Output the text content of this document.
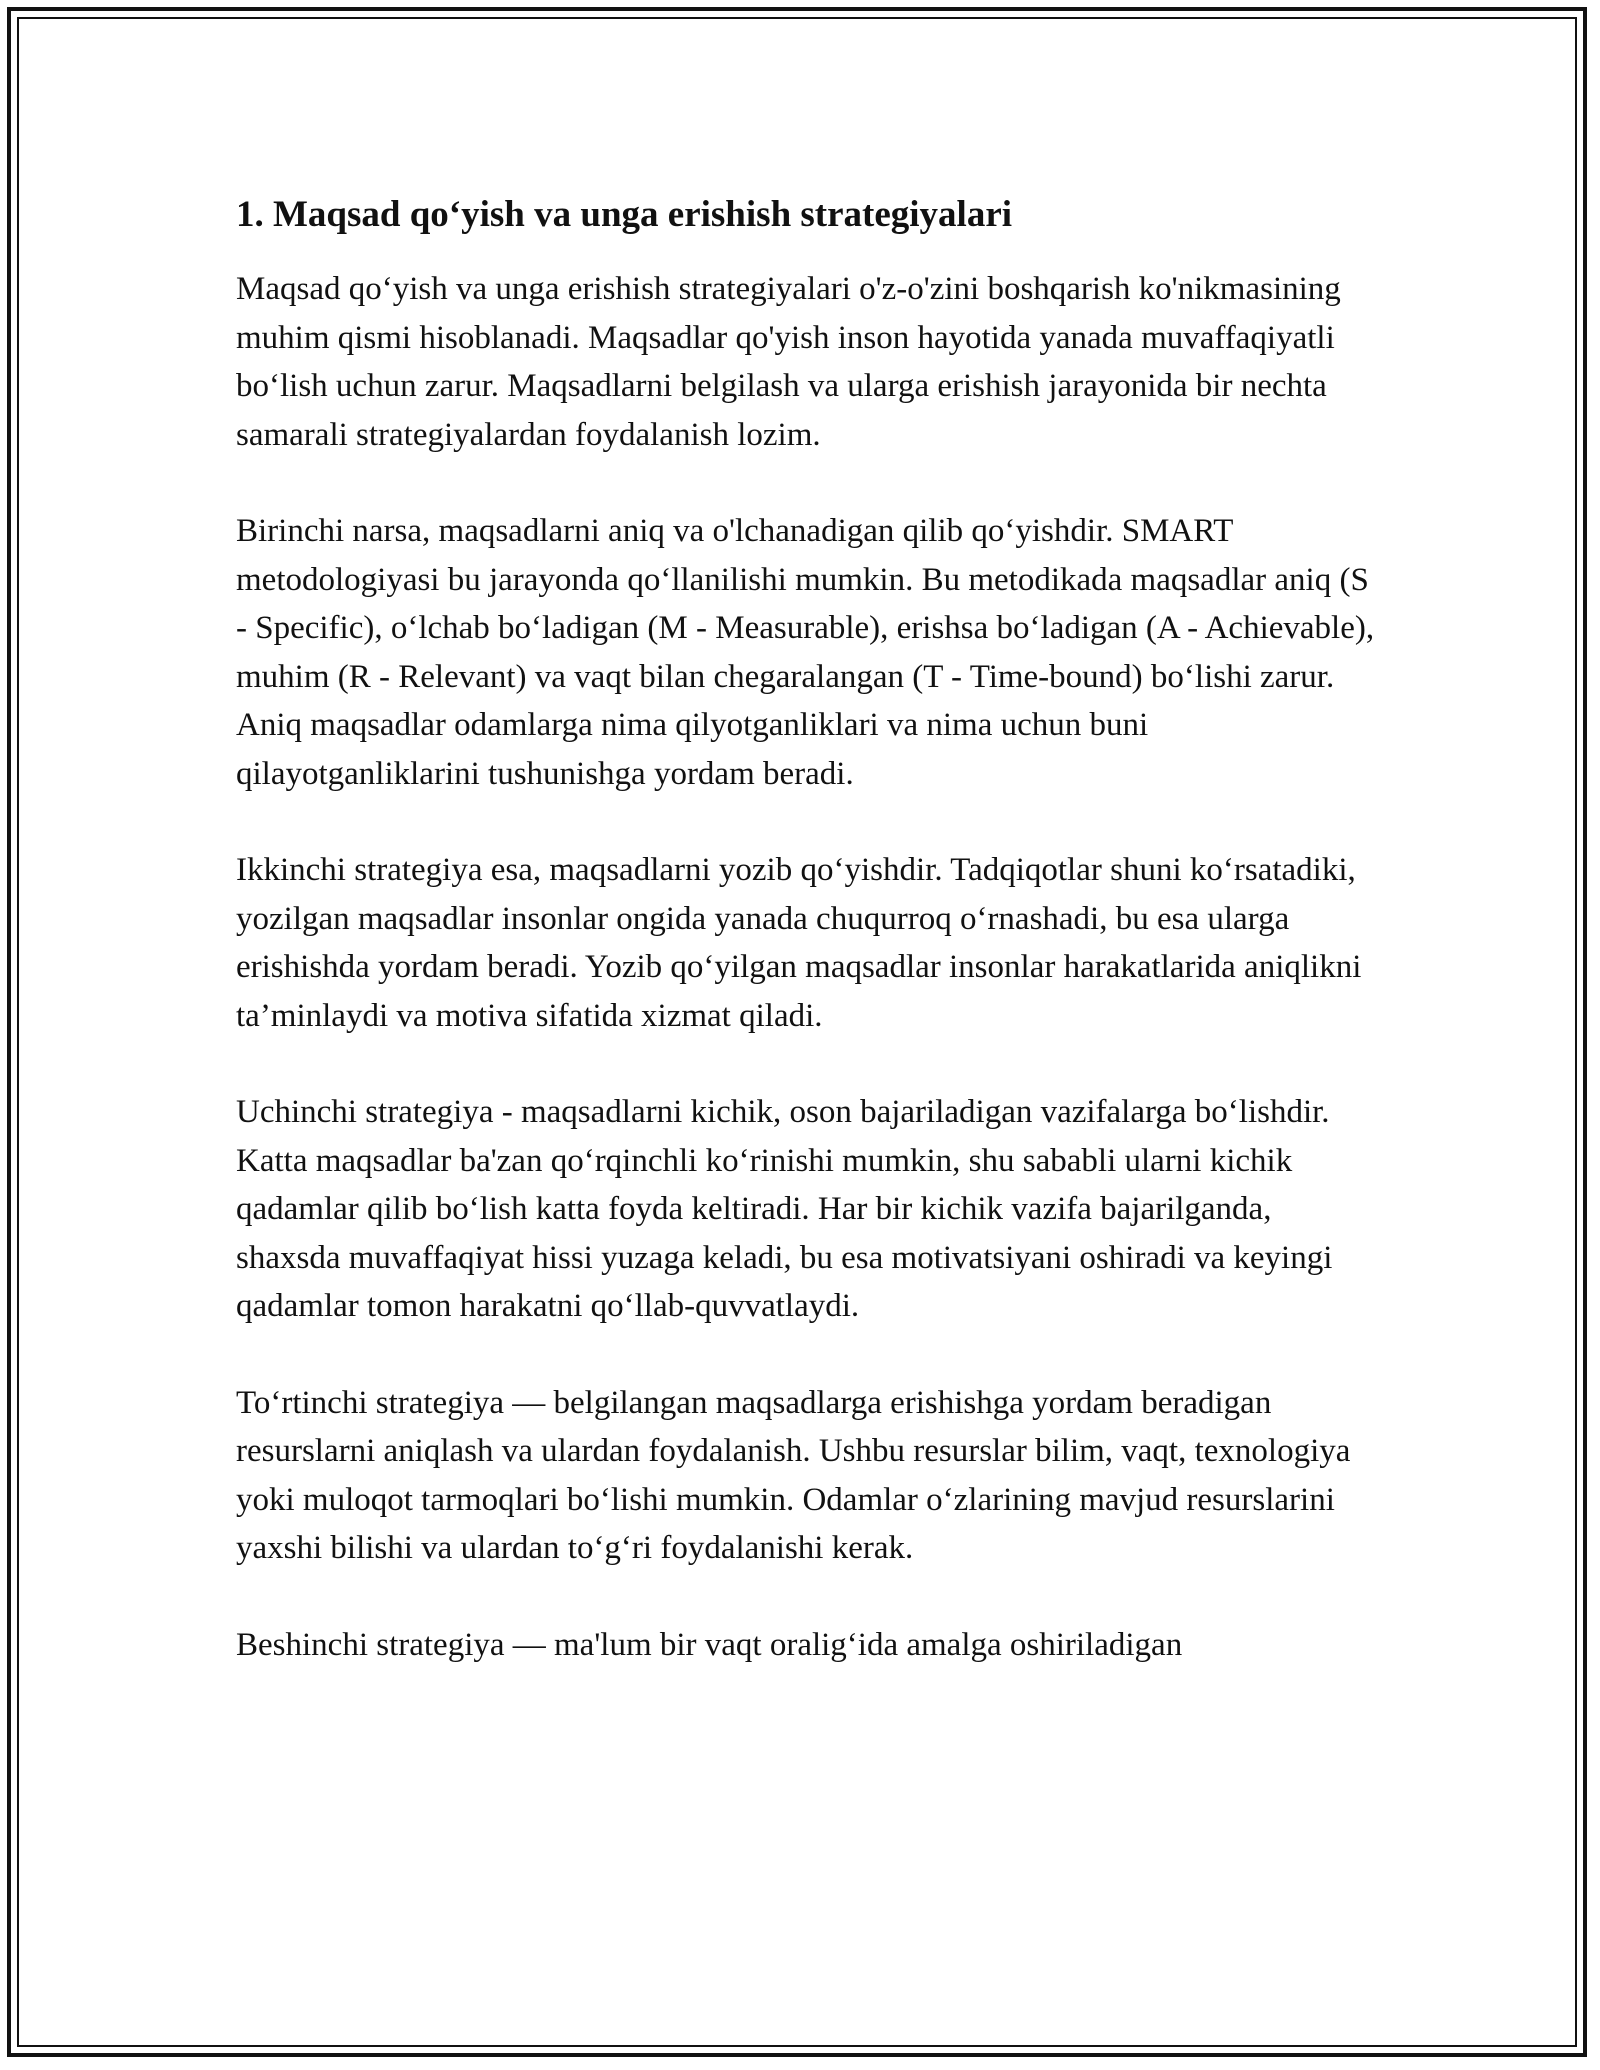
1. Maqsad qo‘yish va unga erishish strategiyalari

Maqsad qo‘yish va unga erishish strategiyalari o'z-o'zini boshqarish ko'nikmasining muhim qismi hisoblanadi. Maqsadlar qo'yish inson hayotida yanada muvaffaqiyatli bo‘lish uchun zarur. Maqsadlarni belgilash va ularga erishish jarayonida bir nechta samarali strategiyalardan foydalanish lozim.

Birinchi narsa, maqsadlarni aniq va o'lchanadigan qilib qo‘yishdir. SMART metodologiyasi bu jarayonda qo‘llanilishi mumkin. Bu metodikada maqsadlar aniq (S - Specific), o‘lchab bo‘ladigan (M - Measurable), erishsa bo‘ladigan (A - Achievable), muhim (R - Relevant) va vaqt bilan chegaralangan (T - Time-bound) bo‘lishi zarur. Aniq maqsadlar odamlarga nima qilyotganliklari va nima uchun buni qilayotganliklarini tushunishga yordam beradi.

Ikkinchi strategiya esa, maqsadlarni yozib qo‘yishdir. Tadqiqotlar shuni ko‘rsatadiki, yozilgan maqsadlar insonlar ongida yanada chuqurroq o‘rnashadi, bu esa ularga erishishda yordam beradi. Yozib qo‘yilgan maqsadlar insonlar harakatlarida aniqlikni ta’minlaydi va motiva sifatida xizmat qiladi.

Uchinchi strategiya - maqsadlarni kichik, oson bajariladigan vazifalarga bo‘lishdir. Katta maqsadlar ba'zan qo‘rqinchli ko‘rinishi mumkin, shu sababli ularni kichik qadamlar qilib bo‘lish katta foyda keltiradi. Har bir kichik vazifa bajarilganda, shaxsda muvaffaqiyat hissi yuzaga keladi, bu esa motivatsiyani oshiradi va keyingi qadamlar tomon harakatni qo‘llab-quvvatlaydi.

To‘rtinchi strategiya — belgilangan maqsadlarga erishishga yordam beradigan resurslarni aniqlash va ulardan foydalanish. Ushbu resurslar bilim, vaqt, texnologiya yoki muloqot tarmoqlari bo‘lishi mumkin. Odamlar o‘zlarining mavjud resurslarini yaxshi bilishi va ulardan to‘g‘ri foydalanishi kerak.

Beshinchi strategiya — ma'lum bir vaqt oralig‘ida amalga oshiriladigan
